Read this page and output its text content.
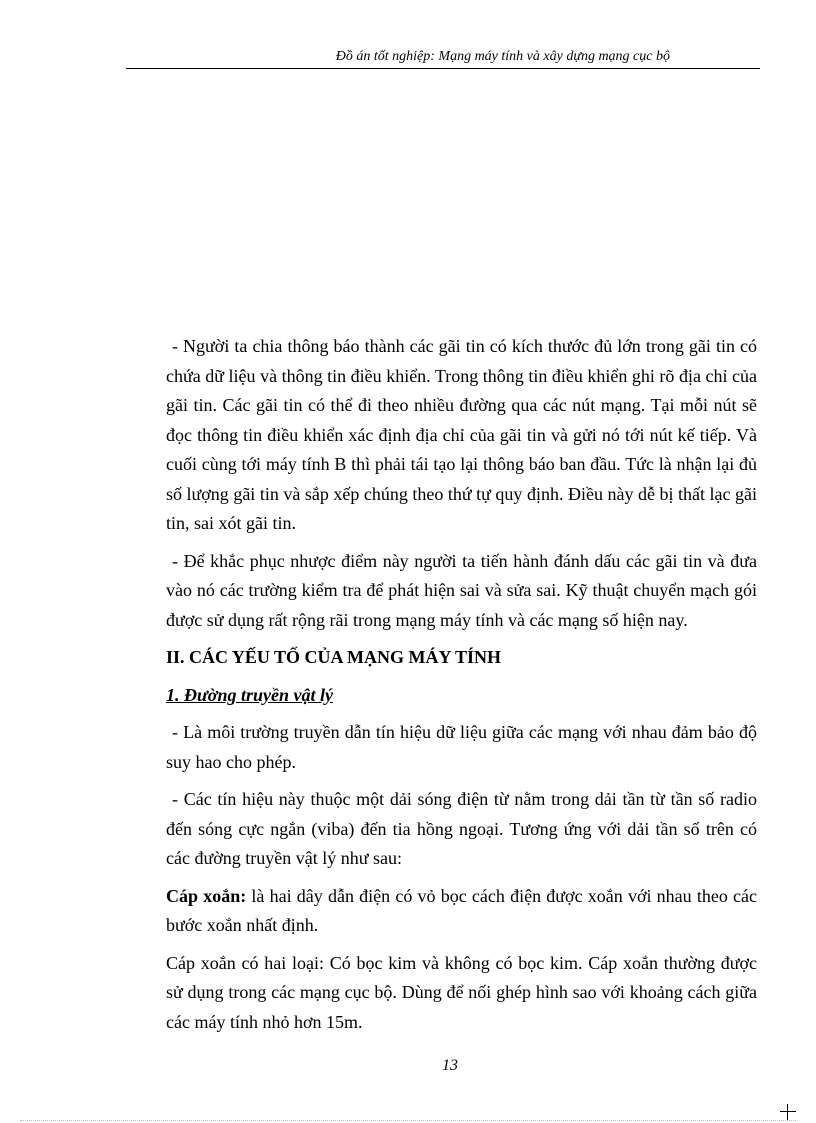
Đồ án tốt nghiệp: Mạng máy tính và xây dựng mạng cục bộ

- Người ta chia thông báo thành các gãi tin có kích thước đủ lớn trong gãi tin có chứa dữ liệu và thông tin điều khiển. Trong thông tin điều khiển ghi rõ địa chỉ của gãi tin. Các gãi tin có thể đi theo nhiều đường qua các nút mạng. Tại mỗi nút sẽ đọc thông tin điều khiển xác định địa chỉ của gãi tin và gửi nó tới nút kế tiếp. Và cuối cùng tới máy tính B thì phải tái tạo lại thông báo ban đầu. Tức là nhận lại đủ số lượng gãi tin và sắp xếp chúng theo thứ tự quy định. Điều này dễ bị thất lạc gãi tin, sai xót gãi tin.

- Để khắc phục nhược điểm này người ta tiến hành đánh dấu các gãi tin và đưa vào nó các trường kiểm tra để phát hiện sai và sửa sai. Kỹ thuật chuyển mạch gói được sử dụng rất rộng rãi trong mạng máy tính và các mạng số hiện nay.

II. CÁC YẾU TỐ CỦA MẠNG MÁY TÍNH
1. Đường truyền vật lý

- Là môi trường truyền dẫn tín hiệu dữ liệu giữa các mạng với nhau đảm bảo độ suy hao cho phép.

- Các tín hiệu này thuộc một dải sóng điện từ nằm trong dải tần từ tần số radio đến sóng cực ngắn (viba) đến tia hồng ngoại. Tương ứng với dải tần số trên có các đường truyền vật lý như sau:

Cáp xoắn: là hai dây dẫn điện có vỏ bọc cách điện được xoắn với nhau theo các bước xoắn nhất định.

Cáp xoắn có hai loại: Có bọc kim và không có bọc kim. Cáp xoắn thường được sử dụng trong các mạng cục bộ. Dùng để nối ghép hình sao với khoảng cách giữa các máy tính nhỏ hơn 15m.

13
